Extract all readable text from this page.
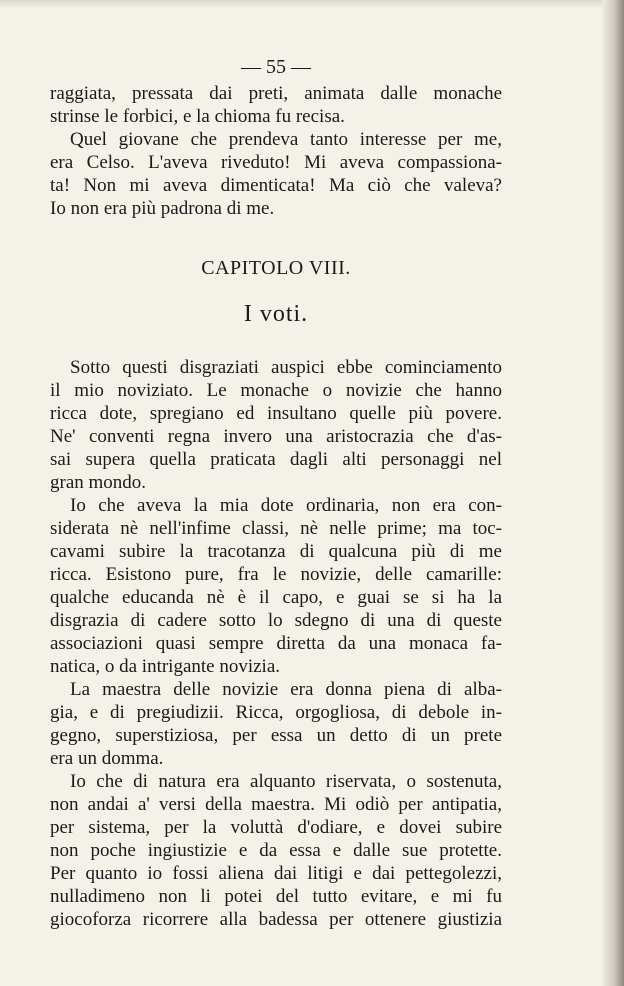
— 55 —
raggiata, pressata dai preti, animata dalle monache
strinse le forbici, e la chioma fu recisa.
Quel giovane che prendeva tanto interesse per me,
era Celso. L'aveva riveduto! Mi aveva compassiona-
ta! Non mi aveva dimenticata! Ma ciò che valeva?
Io non era più padrona di me.
CAPITOLO VIII.
I voti.
Sotto questi disgraziati auspici ebbe cominciamento
il mio noviziato. Le monache o novizie che hanno
ricca dote, spregiano ed insultano quelle più povere.
Ne' conventi regna invero una aristocrazia che d'as-
sai supera quella praticata dagli alti personaggi nel
gran mondo.
Io che aveva la mia dote ordinaria, non era con-
siderata nè nell'infime classi, nè nelle prime; ma toc-
cavami subire la tracotanza di qualcuna più di me
ricca. Esistono pure, fra le novizie, delle camarille:
qualche educanda nè è il capo, e guai se si ha la
disgrazia di cadere sotto lo sdegno di una di queste
associazioni quasi sempre diretta da una monaca fa-
natica, o da intrigante novizia.
La maestra delle novizie era donna piena di alba-
gia, e di pregiudizii. Ricca, orgogliosa, di debole in-
gegno, superstiziosa, per essa un detto di un prete
era un domma.
Io che di natura era alquanto riservata, o sostenuta,
non andai a' versi della maestra. Mi odiò per antipatia,
per sistema, per la voluttà d'odiare, e dovei subire
non poche ingiustizie e da essa e dalle sue protette.
Per quanto io fossi aliena dai litigi e dai pettegolezzi,
nulladimeno non li potei del tutto evitare, e mi fu
giocoforza ricorrere alla badessa per ottenere giustizia
